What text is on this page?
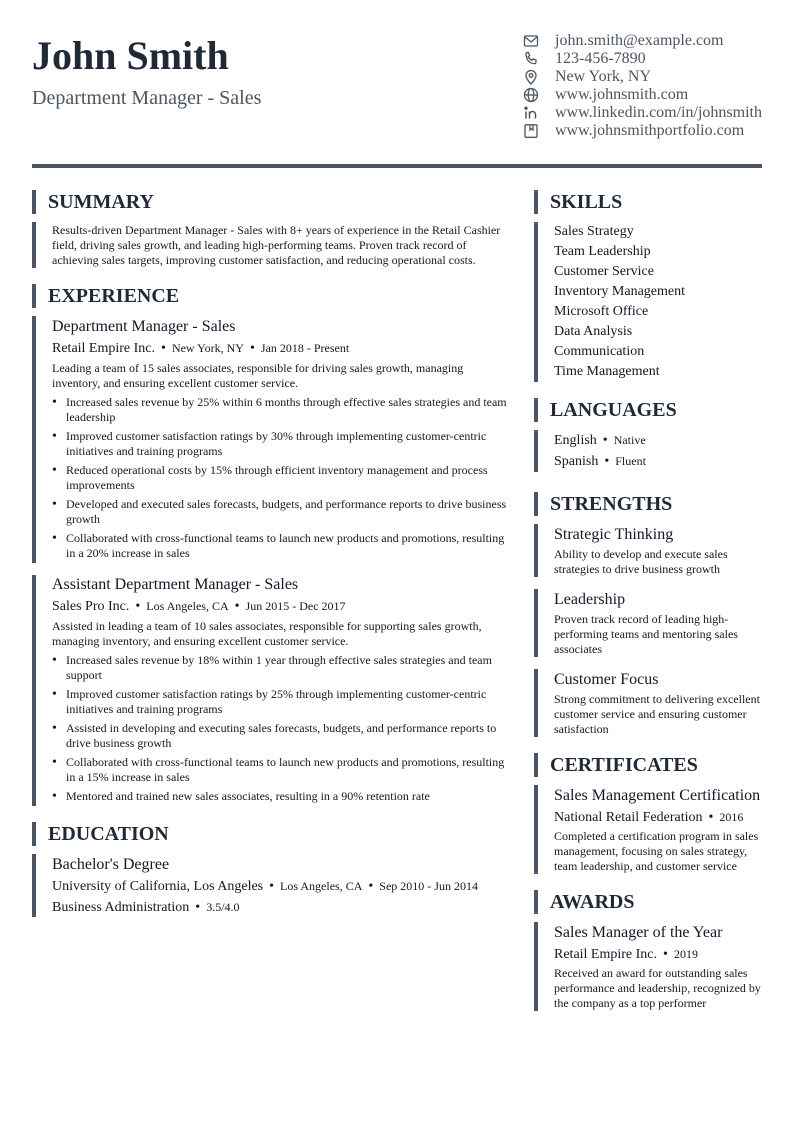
John Smith
Department Manager - Sales
john.smith@example.com
123-456-7890
New York, NY
www.johnsmith.com
www.linkedin.com/in/johnsmith
www.johnsmithportfolio.com
SUMMARY
Results-driven Department Manager - Sales with 8+ years of experience in the Retail Cashier field, driving sales growth, and leading high-performing teams. Proven track record of achieving sales targets, improving customer satisfaction, and reducing operational costs.
EXPERIENCE
Department Manager - Sales
Retail Empire Inc. • New York, NY • Jan 2018 - Present
Leading a team of 15 sales associates, responsible for driving sales growth, managing inventory, and ensuring excellent customer service.
• Increased sales revenue by 25% within 6 months through effective sales strategies and team leadership
• Improved customer satisfaction ratings by 30% through implementing customer-centric initiatives and training programs
• Reduced operational costs by 15% through efficient inventory management and process improvements
• Developed and executed sales forecasts, budgets, and performance reports to drive business growth
• Collaborated with cross-functional teams to launch new products and promotions, resulting in a 20% increase in sales
Assistant Department Manager - Sales
Sales Pro Inc. • Los Angeles, CA • Jun 2015 - Dec 2017
Assisted in leading a team of 10 sales associates, responsible for supporting sales growth, managing inventory, and ensuring excellent customer service.
• Increased sales revenue by 18% within 1 year through effective sales strategies and team support
• Improved customer satisfaction ratings by 25% through implementing customer-centric initiatives and training programs
• Assisted in developing and executing sales forecasts, budgets, and performance reports to drive business growth
• Collaborated with cross-functional teams to launch new products and promotions, resulting in a 15% increase in sales
• Mentored and trained new sales associates, resulting in a 90% retention rate
EDUCATION
Bachelor's Degree
University of California, Los Angeles • Los Angeles, CA • Sep 2010 - Jun 2014
Business Administration • 3.5/4.0
SKILLS
Sales Strategy
Team Leadership
Customer Service
Inventory Management
Microsoft Office
Data Analysis
Communication
Time Management
LANGUAGES
English • Native
Spanish • Fluent
STRENGTHS
Strategic Thinking
Ability to develop and execute sales strategies to drive business growth
Leadership
Proven track record of leading high-performing teams and mentoring sales associates
Customer Focus
Strong commitment to delivering excellent customer service and ensuring customer satisfaction
CERTIFICATES
Sales Management Certification
National Retail Federation • 2016
Completed a certification program in sales management, focusing on sales strategy, team leadership, and customer service
AWARDS
Sales Manager of the Year
Retail Empire Inc. • 2019
Received an award for outstanding sales performance and leadership, recognized by the company as a top performer
